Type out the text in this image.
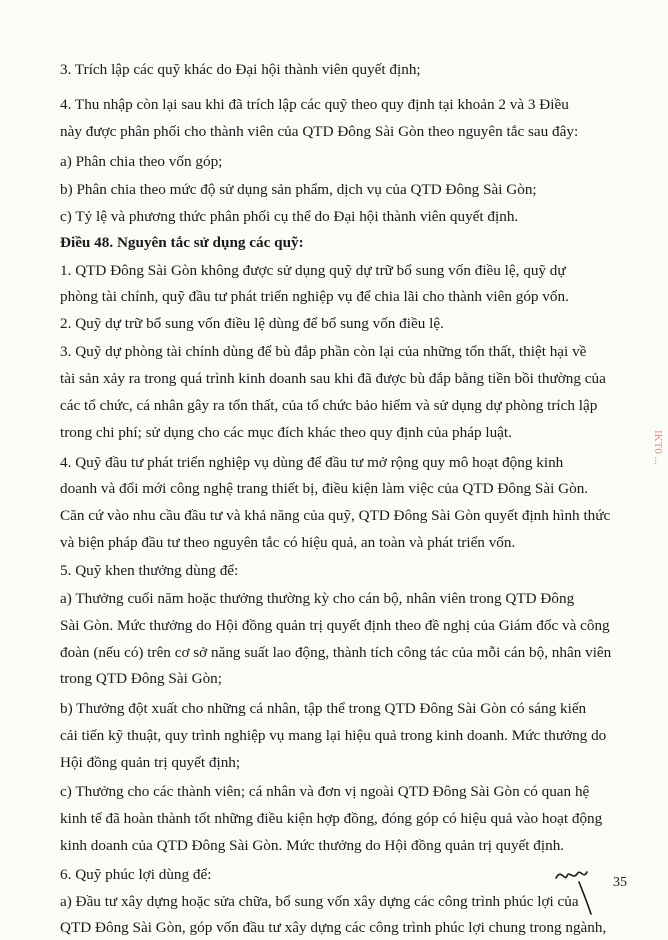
3. Trích lập các quỹ khác do Đại hội thành viên quyết định;
4. Thu nhập còn lại sau khi đã trích lập các quỹ theo quy định tại khoản 2 và 3 Điều
này được phân phối cho thành viên của QTD Đông Sài Gòn theo nguyên tắc sau đây:
a) Phân chia theo vốn góp;
b) Phân chia theo mức độ sử dụng sản phẩm, dịch vụ của QTD Đông Sài Gòn;
c) Tỷ lệ và phương thức phân phối cụ thể do Đại hội thành viên quyết định.
Điều 48. Nguyên tắc sử dụng các quỹ:
1. QTD Đông Sài Gòn không được sử dụng quỹ dự trữ bổ sung vốn điều lệ, quỹ dự
phòng tài chính, quỹ đầu tư phát triển nghiệp vụ để chia lãi cho thành viên góp vốn.
2. Quỹ dự trữ bổ sung vốn điều lệ dùng để bổ sung vốn điều lệ.
3. Quỹ dự phòng tài chính dùng để bù đắp phần còn lại của những tổn thất, thiệt hại về
tài sản xảy ra trong quá trình kinh doanh sau khi đã được bù đắp bằng tiền bồi thường của
các tổ chức, cá nhân gây ra tổn thất, của tổ chức bảo hiểm và sử dụng dự phòng trích lập
trong chi phí; sử dụng cho các mục đích khác theo quy định của pháp luật.
4. Quỹ đầu tư phát triển nghiệp vụ dùng để đầu tư mở rộng quy mô hoạt động kinh
doanh và đổi mới công nghệ trang thiết bị, điều kiện làm việc của QTD Đông Sài Gòn.
Căn cứ vào nhu cầu đầu tư và khả năng của quỹ, QTD Đông Sài Gòn quyết định hình thức
và biện pháp đầu tư theo nguyên tắc có hiệu quả, an toàn và phát triển vốn.
5. Quỹ khen thưởng dùng để:
a) Thưởng cuối năm hoặc thưởng thường kỳ cho cán bộ, nhân viên trong QTD Đông
Sài Gòn. Mức thưởng do Hội đồng quản trị quyết định theo đề nghị của Giám đốc và công
đoàn (nếu có) trên cơ sở năng suất lao động, thành tích công tác của mỗi cán bộ, nhân viên
trong QTD Đông Sài Gòn;
b) Thưởng đột xuất cho những cá nhân, tập thể trong QTD Đông Sài Gòn có sáng kiến
cải tiến kỹ thuật, quy trình nghiệp vụ mang lại hiệu quả trong kinh doanh. Mức thưởng do
Hội đồng quản trị quyết định;
c) Thưởng cho các thành viên; cá nhân và đơn vị ngoài QTD Đông Sài Gòn có quan hệ
kinh tế đã hoàn thành tốt những điều kiện hợp đồng, đóng góp có hiệu quả vào hoạt động
kinh doanh của QTD Đông Sài Gòn. Mức thưởng do Hội đồng quản trị quyết định.
6. Quỹ phúc lợi dùng để:
a) Đầu tư xây dựng hoặc sửa chữa, bổ sung vốn xây dựng các công trình phúc lợi của
QTD Đông Sài Gòn, góp vốn đầu tư xây dựng các công trình phúc lợi chung trong ngành,
IKT0 ...
35
